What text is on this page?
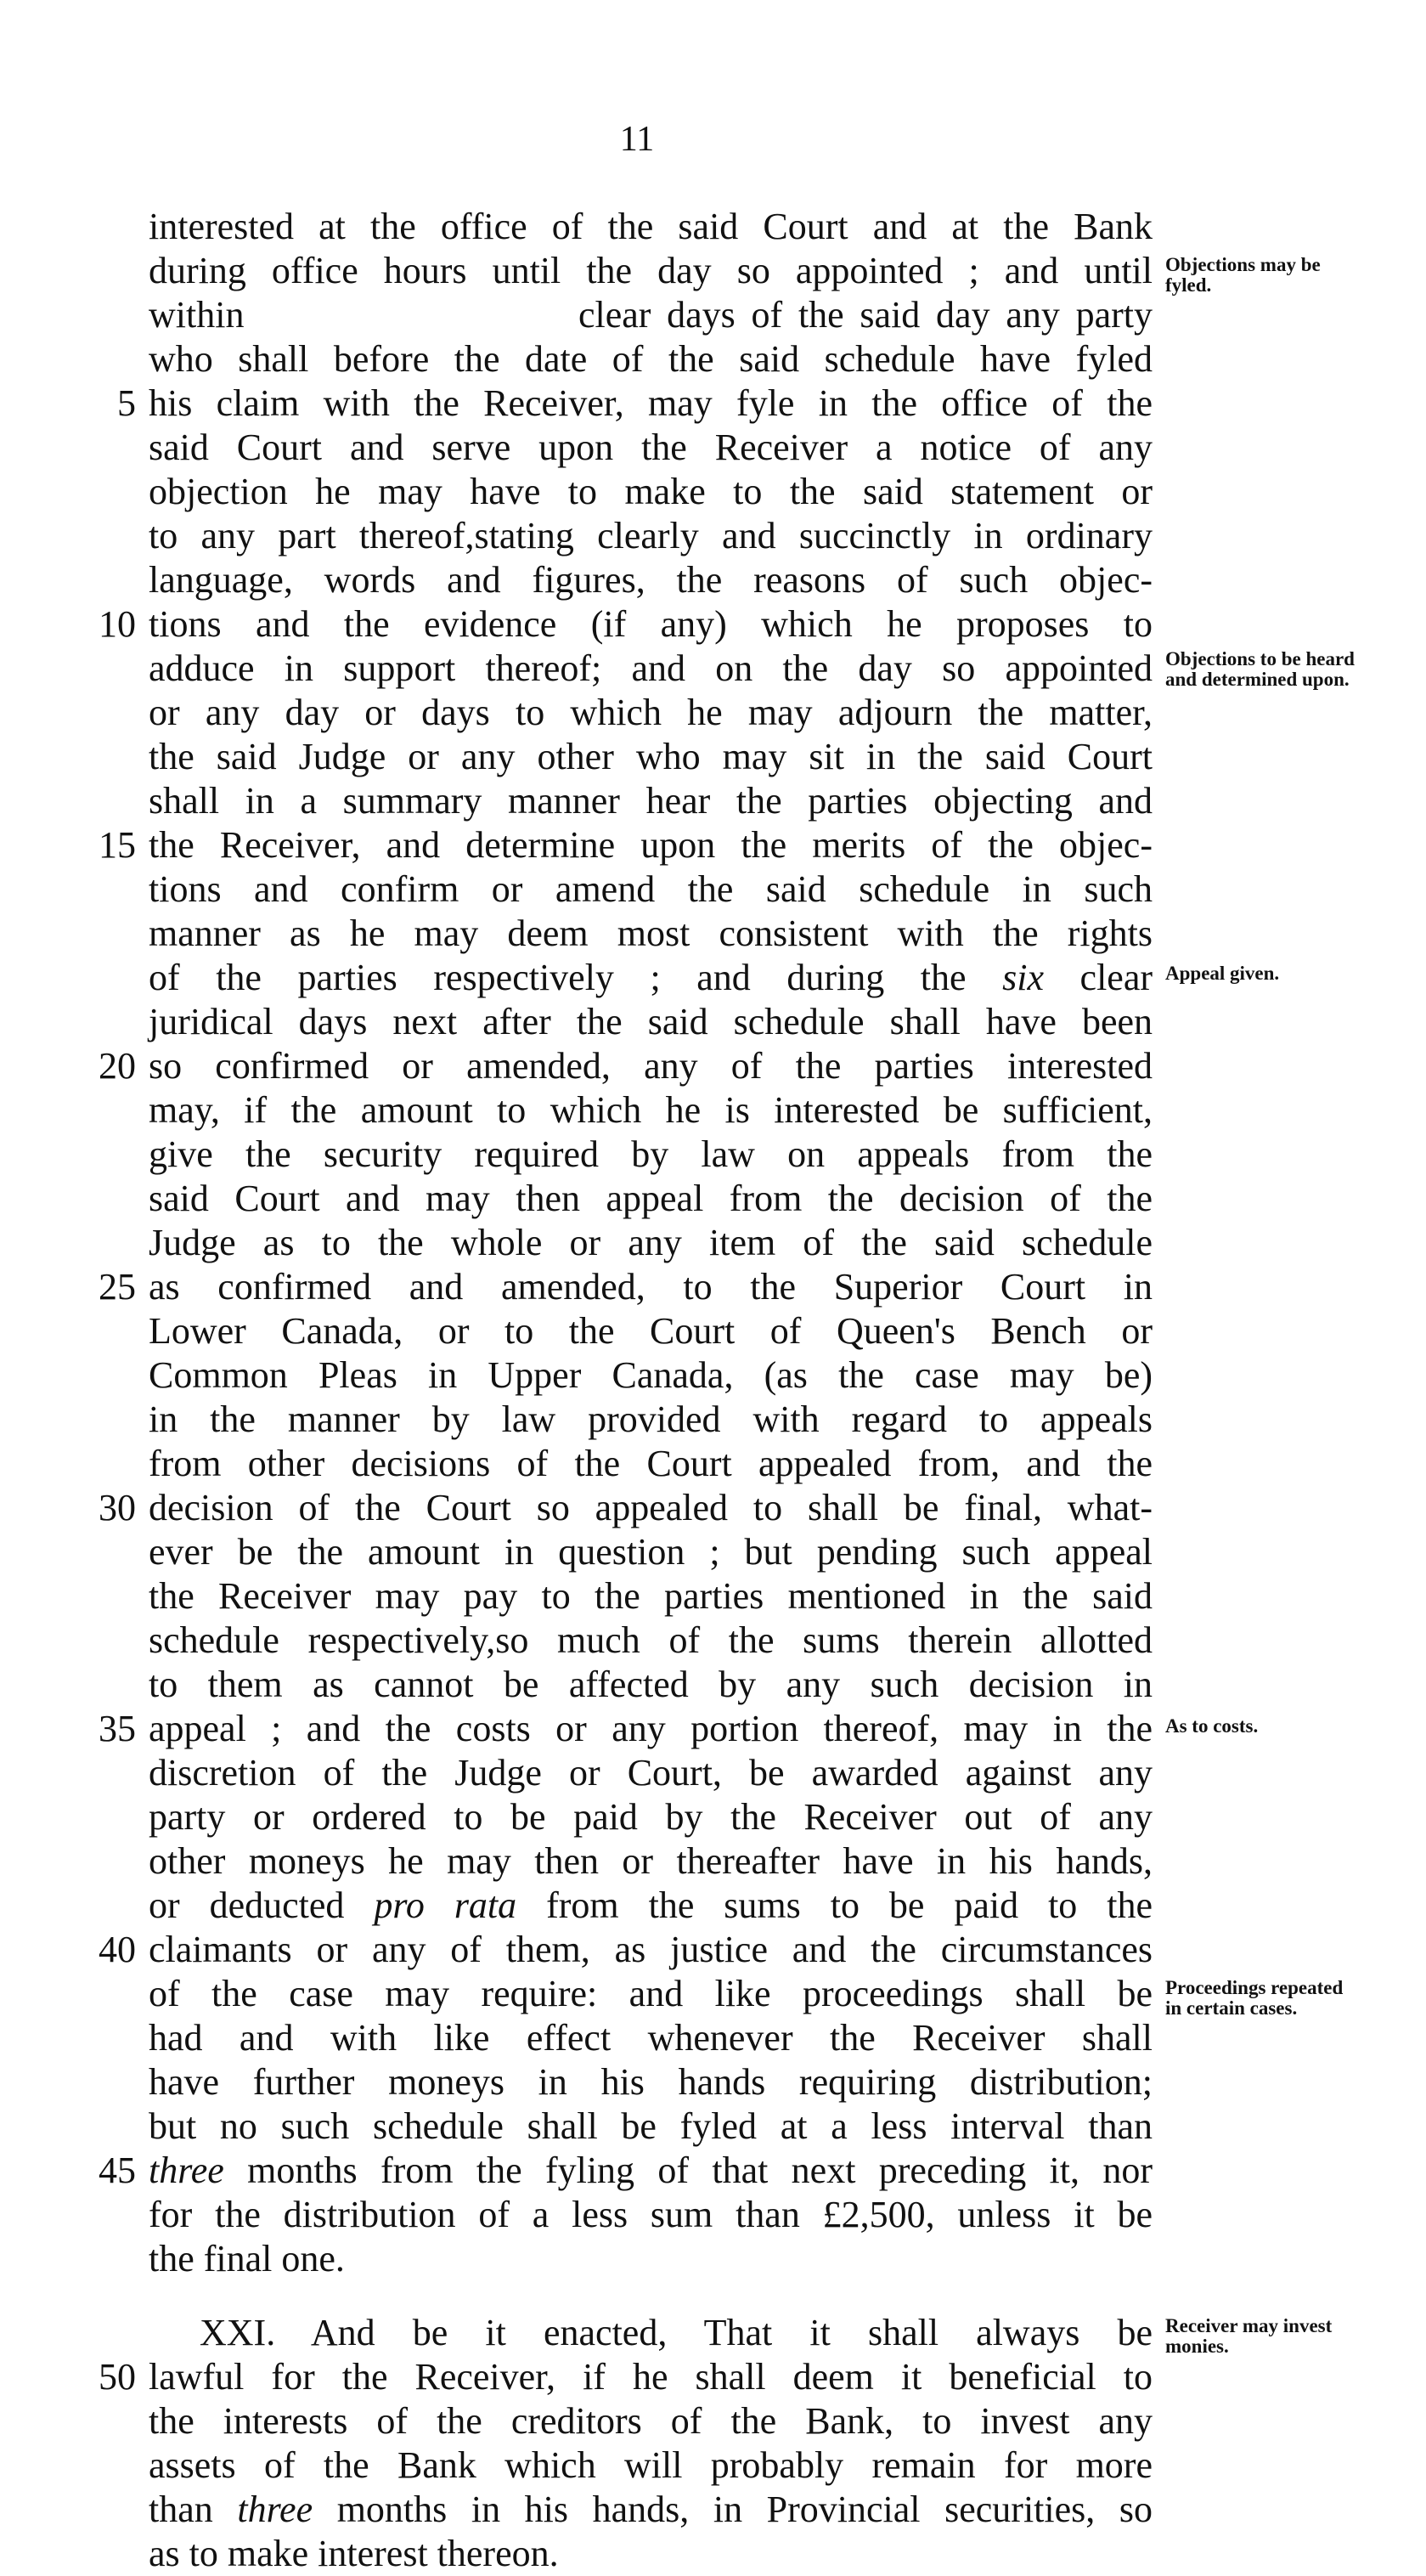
11
interested at the office of the said Court and at the Bank
during office hours until the day so appointed ; and until
within                     clear days of the said day any party
who shall before the date of the said schedule have fyled
his claim with the Receiver, may fyle in the office of the
said Court and serve upon the Receiver a notice of any
objection he may have to make to the said statement or
to any part thereof,stating clearly and succinctly in ordinary
language, words and figures, the reasons of such objec-
tions and the evidence (if any) which he proposes to
adduce in support thereof; and on the day so appointed
or any day or days to which he may adjourn the matter,
the said Judge or any other who may sit in the said Court
shall in a summary manner hear the parties objecting and
the Receiver, and determine upon the merits of the objec-
tions and confirm or amend the said schedule in such
manner as he may deem most consistent with the rights
of the parties respectively ; and during the six clear
juridical days next after the said schedule shall have been
so confirmed or amended, any of the parties interested
may, if the amount to which he is interested be sufficient,
give the security required by law on appeals from the
said Court and may then appeal from the decision of the
Judge as to the whole or any item of the said schedule
as confirmed and amended, to the Superior Court in
Lower Canada, or to the Court of Queen's Bench or
Common Pleas in Upper Canada, (as the case may be)
in the manner by law provided with regard to appeals
from other decisions of the Court appealed from, and the
decision of the Court so appealed to shall be final, what-
ever be the amount in question ; but pending such appeal
the Receiver may pay to the parties mentioned in the said
schedule respectively,so much of the sums therein allotted
to them as cannot be affected by any such decision in
appeal ; and the costs or any portion thereof, may in the
discretion of the Judge or Court, be awarded against any
party or ordered to be paid by the Receiver out of any
other moneys he may then or thereafter have in his hands,
or deducted pro rata from the sums to be paid to the
claimants or any of them, as justice and the circumstances
of the case may require: and like proceedings shall be
had and with like effect whenever the Receiver shall
have further moneys in his hands requiring distribution;
but no such schedule shall be fyled at a less interval than
three months from the fyling of that next preceding it, nor
for the distribution of a less sum than £2,500, unless it be
the final one.
XXI. And be it enacted, That it shall always be
lawful for the Receiver, if he shall deem it beneficial to
the interests of the creditors of the Bank, to invest any
assets of the Bank which will probably remain for more
than three months in his hands, in Provincial securities, so
as to make interest thereon.
5
10
15
20
25
30
35
40
45
50
Objections may be fyled.
Objections to be heard and determined upon.
Appeal given.
As to costs.
Proceedings repeated in certain cases.
Receiver may invest monies.
